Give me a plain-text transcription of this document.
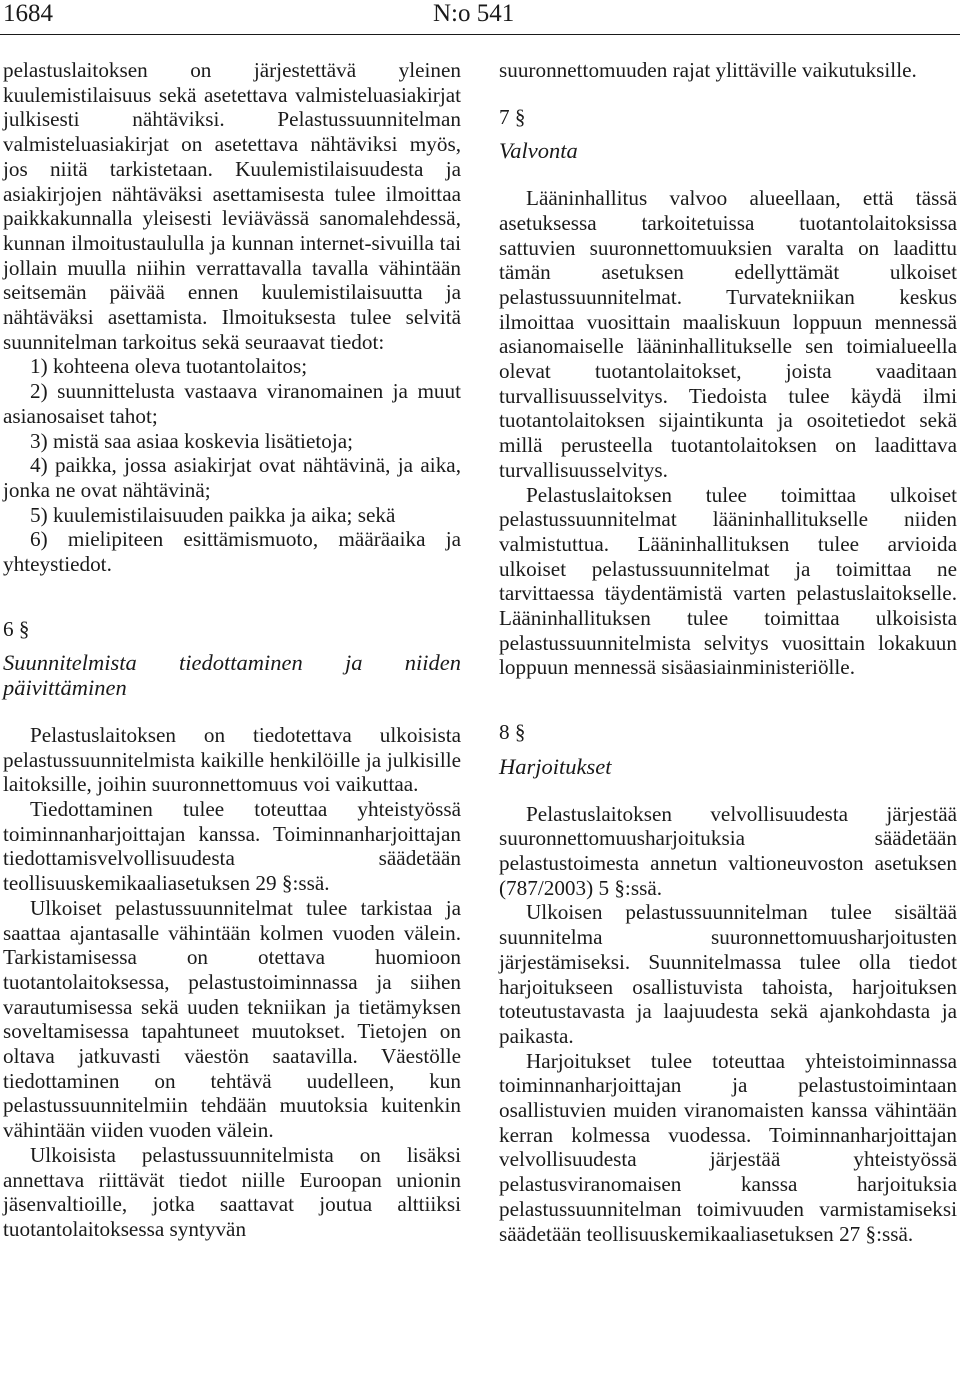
1684	N:o 541

pelastuslaitoksen on järjestettävä yleinen kuulemistilaisuus sekä asetettava valmisteluasiakirjat julkisesti nähtäviksi. Pelastussuunnitelman valmisteluasiakirjat on asetettava nähtäviksi myös, jos niitä tarkistetaan. Kuulemistilaisuudesta ja asiakirjojen nähtäväksi asettamisesta tulee ilmoittaa paikkakunnalla yleisesti leviävässä sanomalehdessä, kunnan ilmoitustaululla ja kunnan internet-sivuilla tai jollain muulla niihin verrattavalla tavalla vähintään seitsemän päivää ennen kuulemistilaisuutta ja nähtäväksi asettamista. Ilmoituksesta tulee selvitä suunnitelman tarkoitus sekä seuraavat tiedot:

1) kohteena oleva tuotantolaitos;

2) suunnittelusta vastaava viranomainen ja muut asianosaiset tahot;

3) mistä saa asiaa koskevia lisätietoja;

4) paikka, jossa asiakirjat ovat nähtävinä, ja aika, jonka ne ovat nähtävinä;

5) kuulemistilaisuuden paikka ja aika; sekä

6) mielipiteen esittämismuoto, määräaika ja yhteystiedot.

6 §

Suunnitelmista tiedottaminen ja niiden päivittäminen

Pelastuslaitoksen on tiedotettava ulkoisista pelastussuunnitelmista kaikille henkilöille ja julkisille laitoksille, joihin suuronnettomuus voi vaikuttaa.

Tiedottaminen tulee toteuttaa yhteistyössä toiminnanharjoittajan kanssa. Toiminnanharjoittajan tiedottamisvelvollisuudesta säädetään teollisuuskemikaaliasetuksen 29 §:ssä.

Ulkoiset pelastussuunnitelmat tulee tarkistaa ja saattaa ajantasalle vähintään kolmen vuoden välein. Tarkistamisessa on otettava huomioon tuotantolaitoksessa, pelastustoiminnassa ja siihen varautumisessa sekä uuden tekniikan ja tietämyksen soveltamisessa tapahtuneet muutokset. Tietojen on oltava jatkuvasti väestön saatavilla. Väestölle tiedottaminen on tehtävä uudelleen, kun pelastussuunnitelmiin tehdään muutoksia kuitenkin vähintään viiden vuoden välein.

Ulkoisista pelastussuunnitelmista on lisäksi annettava riittävät tiedot niille Euroopan unionin jäsenvaltioille, jotka saattavat joutua alttiiksi tuotantolaitoksessa syntyvän

suuronnettomuuden rajat ylittäville vaikutuksille.

7 §

Valvonta

Lääninhallitus valvoo alueellaan, että tässä asetuksessa tarkoitetuissa tuotantolaitoksissa sattuvien suuronnettomuuksien varalta on laadittu tämän asetuksen edellyttämät ulkoiset pelastussuunnitelmat. Turvatekniikan keskus ilmoittaa vuosittain maaliskuun loppuun mennessä asianomaiselle lääninhallitukselle sen toimialueella olevat tuotantolaitokset, joista vaaditaan turvallisuusselvitys. Tiedoista tulee käydä ilmi tuotantolaitoksen sijaintikunta ja osoitetiedot sekä millä perusteella tuotantolaitoksen on laadittava turvallisuusselvitys.

Pelastuslaitoksen tulee toimittaa ulkoiset pelastussuunnitelmat lääninhallitukselle niiden valmistuttua. Lääninhallituksen tulee arvioida ulkoiset pelastussuunnitelmat ja toimittaa ne tarvittaessa täydentämistä varten pelastuslaitokselle. Lääninhallituksen tulee toimittaa ulkoisista pelastussuunnitelmista selvitys vuosittain lokakuun loppuun mennessä sisäasiainministeriölle.

8 §

Harjoitukset

Pelastuslaitoksen velvollisuudesta järjestää suuronnettomuusharjoituksia säädetään pelastustoimesta annetun valtioneuvoston asetuksen (787/2003) 5 §:ssä.

Ulkoisen pelastussuunnitelman tulee sisältää suunnitelma suuronnettomuusharjoitusten järjestämiseksi. Suunnitelmassa tulee olla tiedot harjoitukseen osallistuvista tahoista, harjoituksen toteutustavasta ja laajuudesta sekä ajankohdasta ja paikasta.

Harjoitukset tulee toteuttaa yhteistoiminnassa toiminnanharjoittajan ja pelastustoimintaan osallistuvien muiden viranomaisten kanssa vähintään kerran kolmessa vuodessa. Toiminnanharjoittajan velvollisuudesta järjestää yhteistyössä pelastusviranomaisen kanssa harjoituksia pelastussuunnitelman toimivuuden varmistamiseksi säädetään teollisuuskemikaaliasetuksen 27 §:ssä.
